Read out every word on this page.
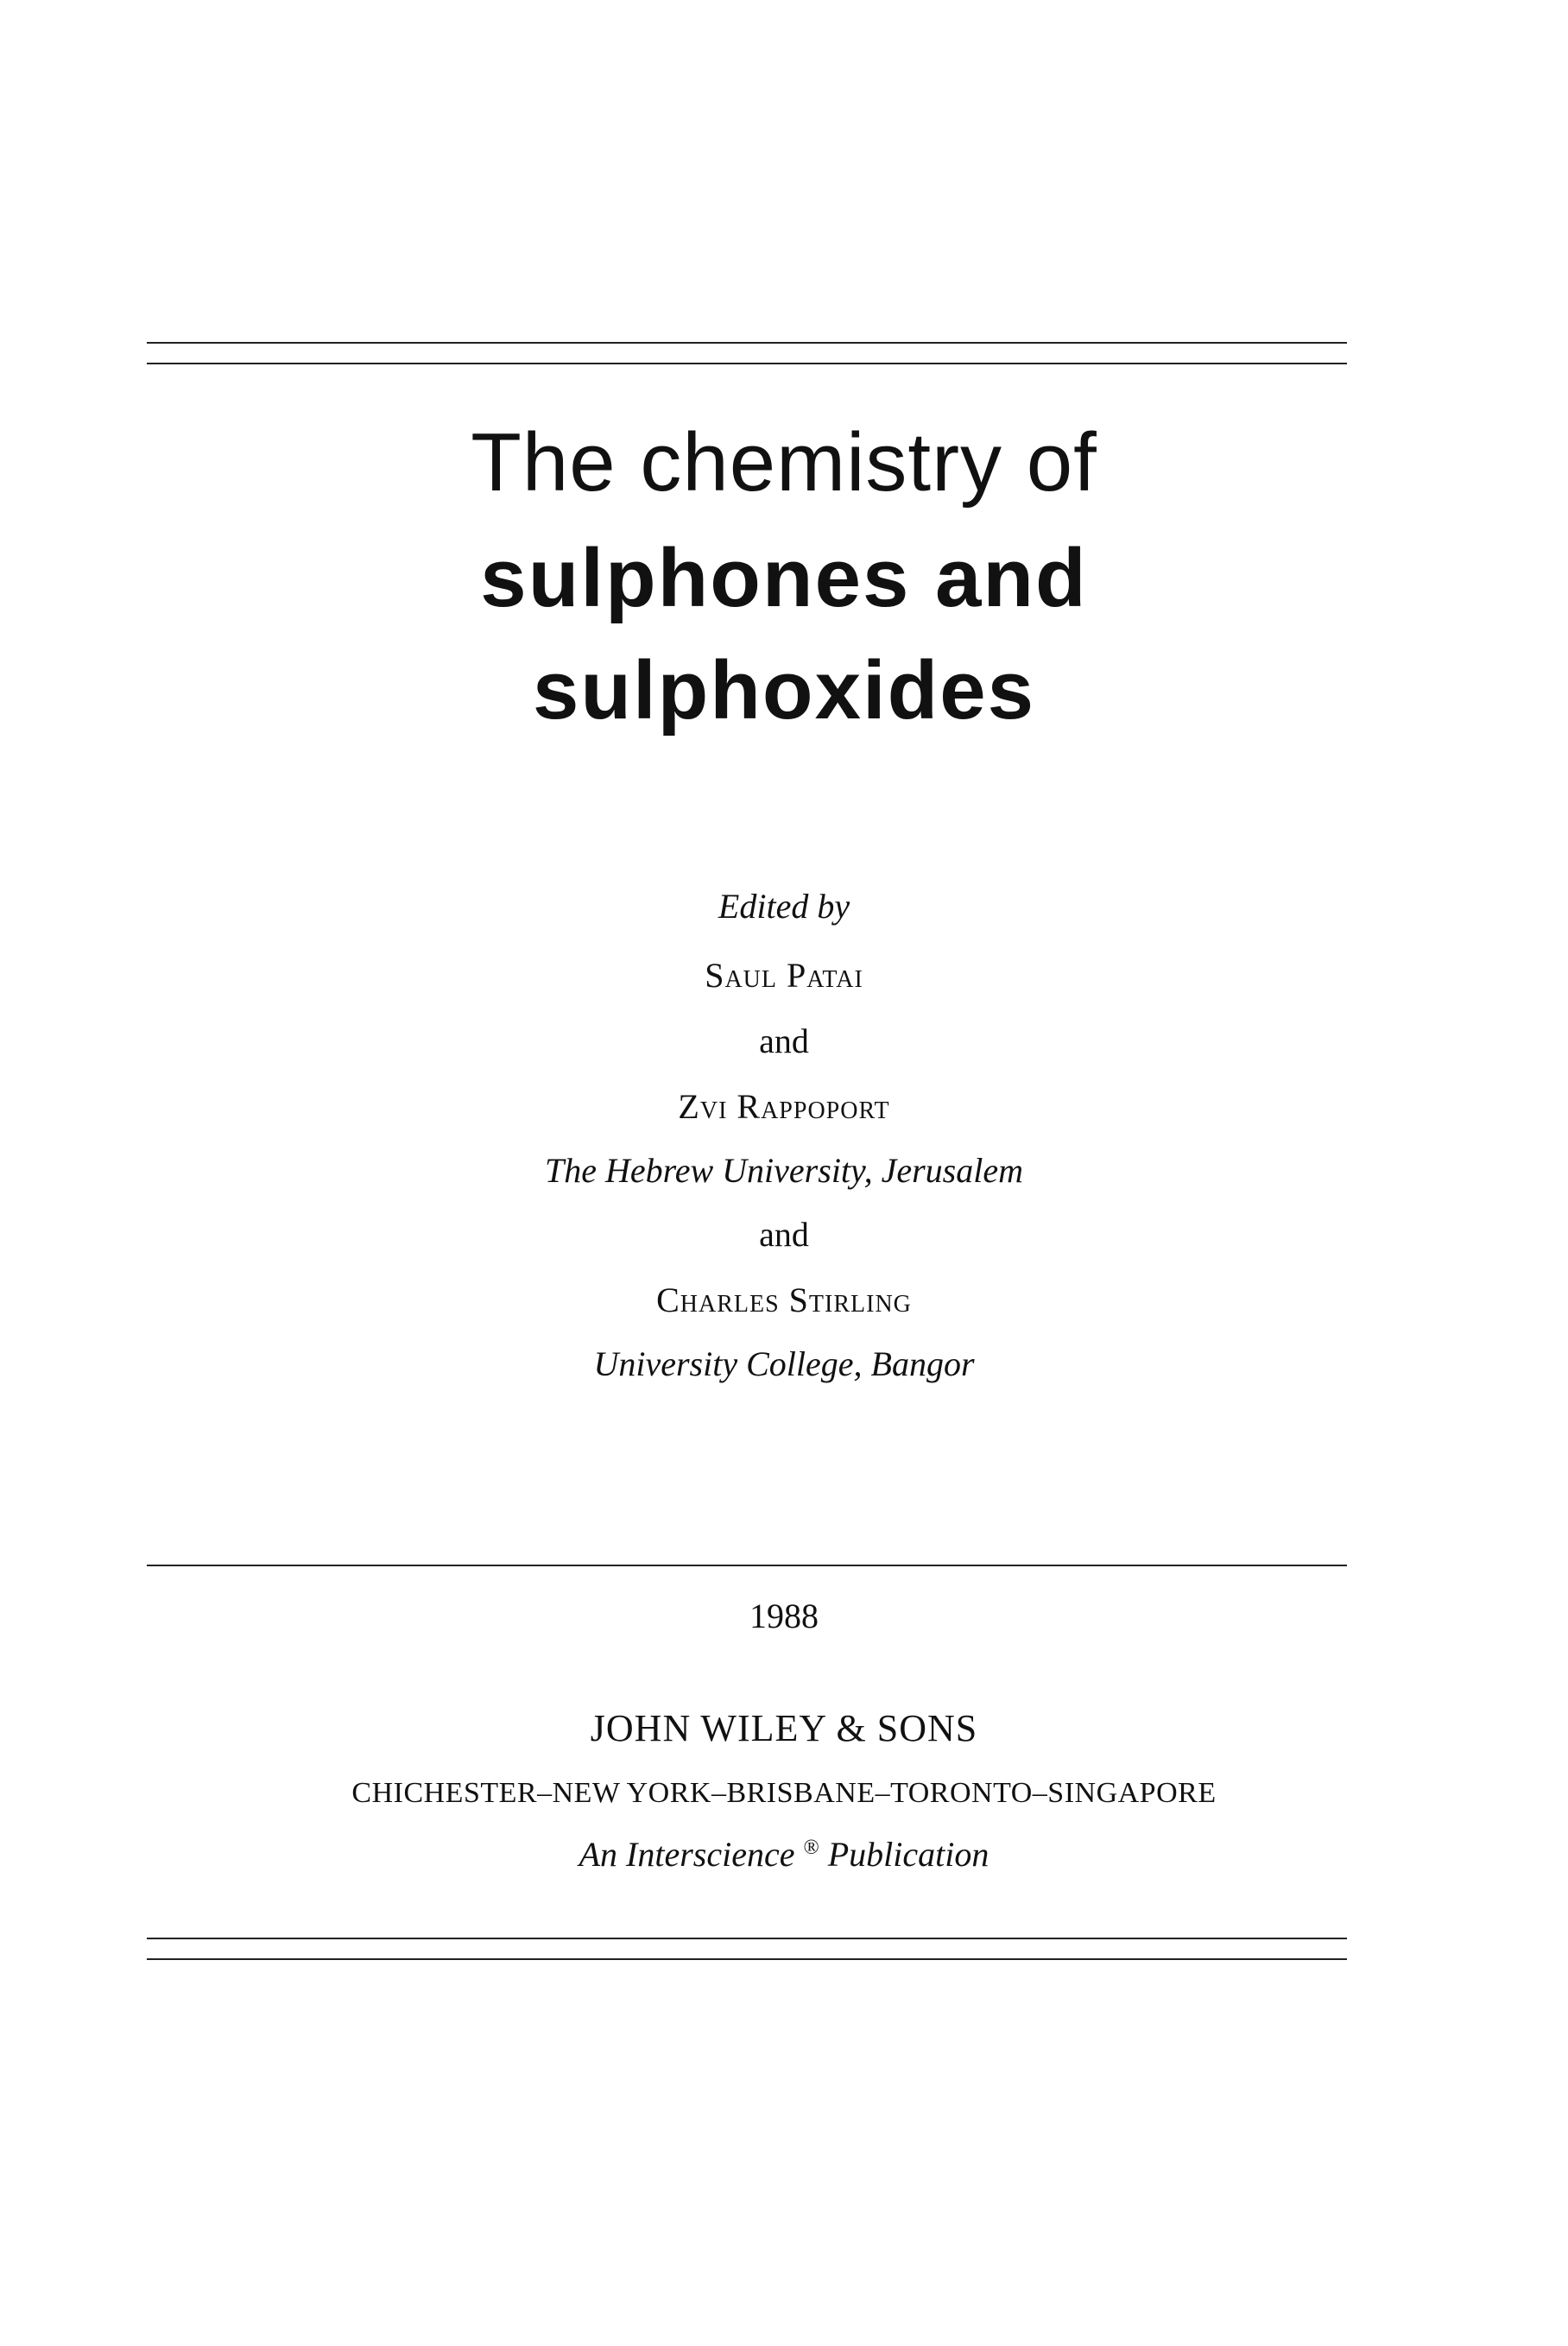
The chemistry of
sulphones and
sulphoxides
Edited by
Saul Patai
and
Zvi Rappoport
The Hebrew University, Jerusalem
and
Charles Stirling
University College, Bangor
1988
JOHN WILEY & SONS
CHICHESTER–NEW YORK–BRISBANE–TORONTO–SINGAPORE
An Interscience ® Publication
